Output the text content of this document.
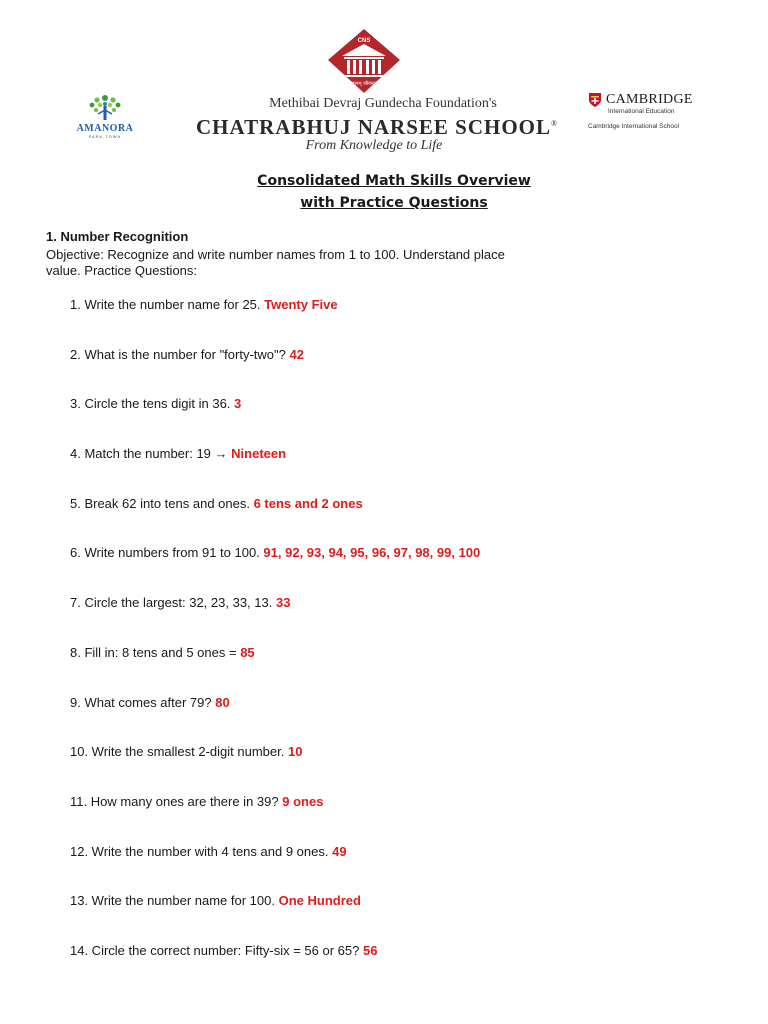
AMANORA
PARK TOWN
CNS
ज्ञानम् जीवनम्
Methibai Devraj Gundecha Foundation's
CHATRABHUJ NARSEE SCHOOL®
From Knowledge to Life
CAMBRIDGE
International Education
Cambridge International School
Consolidated Math Skills Overview
with Practice Questions
1. Number Recognition
Objective: Recognize and write number names from 1 to 100. Understand place value. Practice Questions:
1. Write the number name for 25. Twenty Five
2. What is the number for "forty-two"? 42
3. Circle the tens digit in 36. 3
4. Match the number: 19 → Nineteen
5. Break 62 into tens and ones. 6 tens and 2 ones
6. Write numbers from 91 to 100. 91, 92, 93, 94, 95, 96, 97, 98, 99, 100
7. Circle the largest: 32, 23, 33, 13. 33
8. Fill in: 8 tens and 5 ones = 85
9. What comes after 79? 80
10. Write the smallest 2-digit number. 10
11. How many ones are there in 39? 9 ones
12. Write the number with 4 tens and 9 ones. 49
13. Write the number name for 100. One Hundred
14. Circle the correct number: Fifty-six = 56 or 65? 56
